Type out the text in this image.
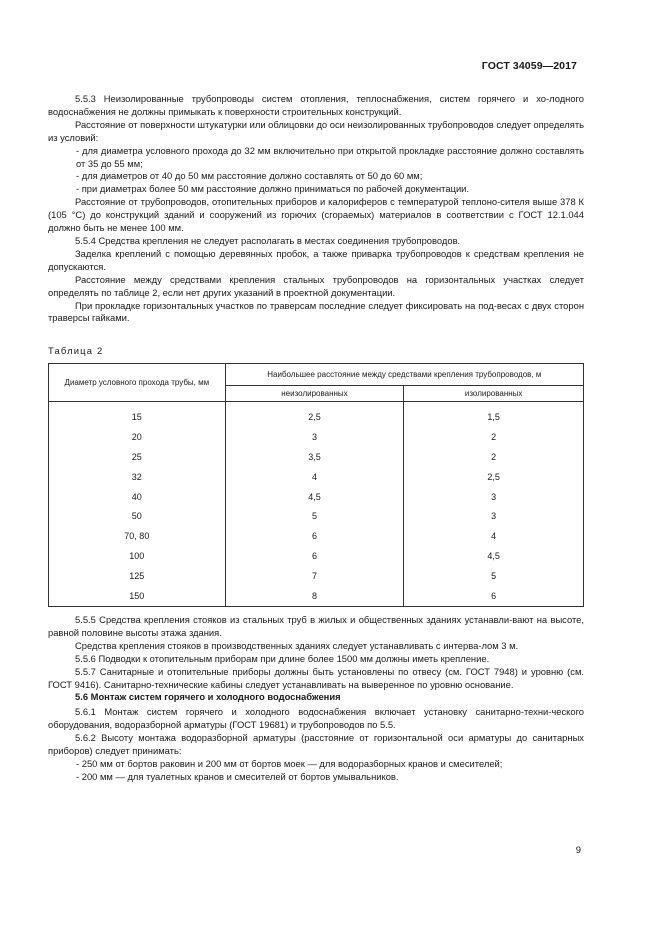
ГОСТ 34059—2017

5.5.3 Неизолированные трубопроводы систем отопления, теплоснабжения, систем горячего и хо-лодного водоснабжения не должны примыкать к поверхности строительных конструкций.

Расстояние от поверхности штукатурки или облицовки до оси неизолированных трубопроводов следует определять из условий:

- для диаметра условного прохода до 32 мм включительно при открытой прокладке расстояние должно составлять от 35 до 55 мм;

- для диаметров от 40 до 50 мм расстояние должно составлять от 50 до 60 мм;

- при диаметрах более 50 мм расстояние должно приниматься по рабочей документации.

Расстояние от трубопроводов, отопительных приборов и калориферов с температурой теплоно-сителя выше 378 К (105 °С) до конструкций зданий и сооружений из горючих (сгораемых) материалов в соответствии с ГОСТ 12.1.044 должно быть не менее 100 мм.

5.5.4 Средства крепления не следует располагать в местах соединения трубопроводов.

Заделка креплений с помощью деревянных пробок, а также приварка трубопроводов к средствам крепления не допускаются.

Расстояние между средствами крепления стальных трубопроводов на горизонтальных участках следует определять по таблице 2, если нет других указаний в проектной документации.

При прокладке горизонтальных участков по траверсам последние следует фиксировать на под-весах с двух сторон траверсы гайками.

Таблица 2
Диаметр условного прохода трубы, мм	Наибольшее расстояние между средствами крепления трубопроводов, м	
	неизолированных	изолированных

15	2,5	1,5
20	3	2
25	3,5	2
32	4	2,5
40	4,5	3
50	5	3
70, 80	6	4
100	6	4,5
125	7	5
150	8	6

5.5.5 Средства крепления стояков из стальных труб в жилых и общественных зданиях устанавли-вают на высоте, равной половине высоты этажа здания.

Средства крепления стояков в производственных зданиях следует устанавливать с интерва-лом 3 м.

5.5.6 Подводки к отопительным приборам при длине более 1500 мм должны иметь крепление.

5.5.7 Санитарные и отопительные приборы должны быть установлены по отвесу (см. ГОСТ 7948) и уровню (см. ГОСТ 9416). Санитарно-технические кабины следует устанавливать на выверенное по уровню основание.

5.6 Монтаж систем горячего и холодного водоснабжения

5.6.1 Монтаж систем горячего и холодного водоснабжения включает установку санитарно-техни-ческого оборудования, водоразборной арматуры (ГОСТ 19681) и трубопроводов по 5.5.

5.6.2 Высоту монтажа водоразборной арматуры (расстояние от горизонтальной оси арматуры до санитарных приборов) следует принимать:

- 250 мм от бортов раковин и 200 мм от бортов моек — для водоразборных кранов и смесителей;

- 200 мм — для туалетных кранов и смесителей от бортов умывальников.

9
